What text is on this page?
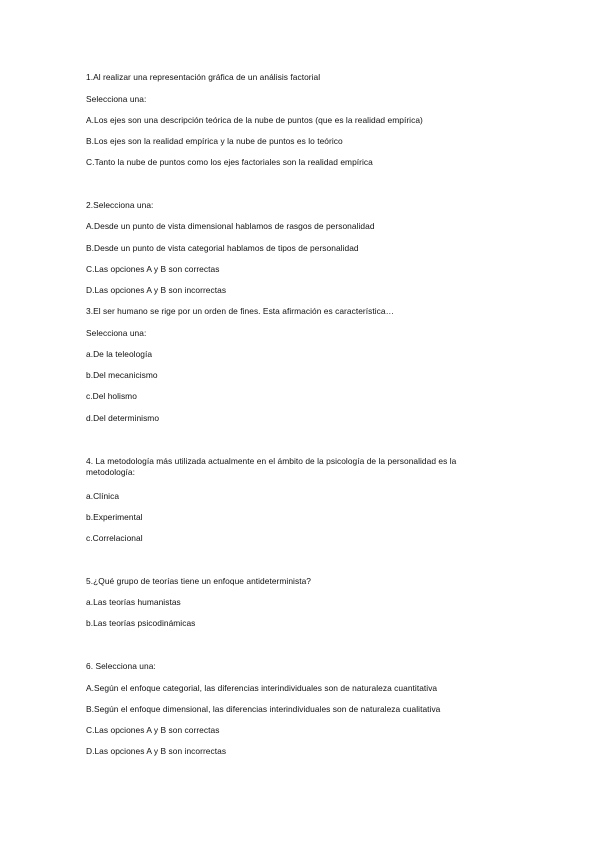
1.Al realizar una representación gráfica de un análisis factorial
Selecciona una:
A.Los ejes son una descripción teórica de la nube de puntos (que es la realidad empírica)
B.Los ejes son la realidad empírica y la nube de puntos es lo teórico
C.Tanto la nube de puntos como los ejes factoriales son la realidad empírica
2.Selecciona una:
A.Desde un punto de vista dimensional hablamos de rasgos de personalidad
B.Desde un punto de vista categorial hablamos de tipos de personalidad
C.Las opciones A y B son correctas
D.Las opciones A y B son incorrectas
3.El ser humano se rige por un orden de fines. Esta afirmación es característica…
Selecciona una:
a.De la teleología
b.Del mecanicismo
c.Del holismo
d.Del determinismo
4. La metodología más utilizada actualmente en el ámbito de la psicología de la personalidad es la metodología:
a.Clínica
b.Experimental
c.Correlacional
5.¿Qué grupo de teorías tiene un enfoque antideterminista?
a.Las teorías humanistas
b.Las teorías psicodinámicas
6. Selecciona una:
A.Según el enfoque categorial, las diferencias interindividuales son de naturaleza cuantitativa
B.Según el enfoque dimensional, las diferencias interindividuales son de naturaleza cualitativa
C.Las opciones A y B son correctas
D.Las opciones A y B son incorrectas
